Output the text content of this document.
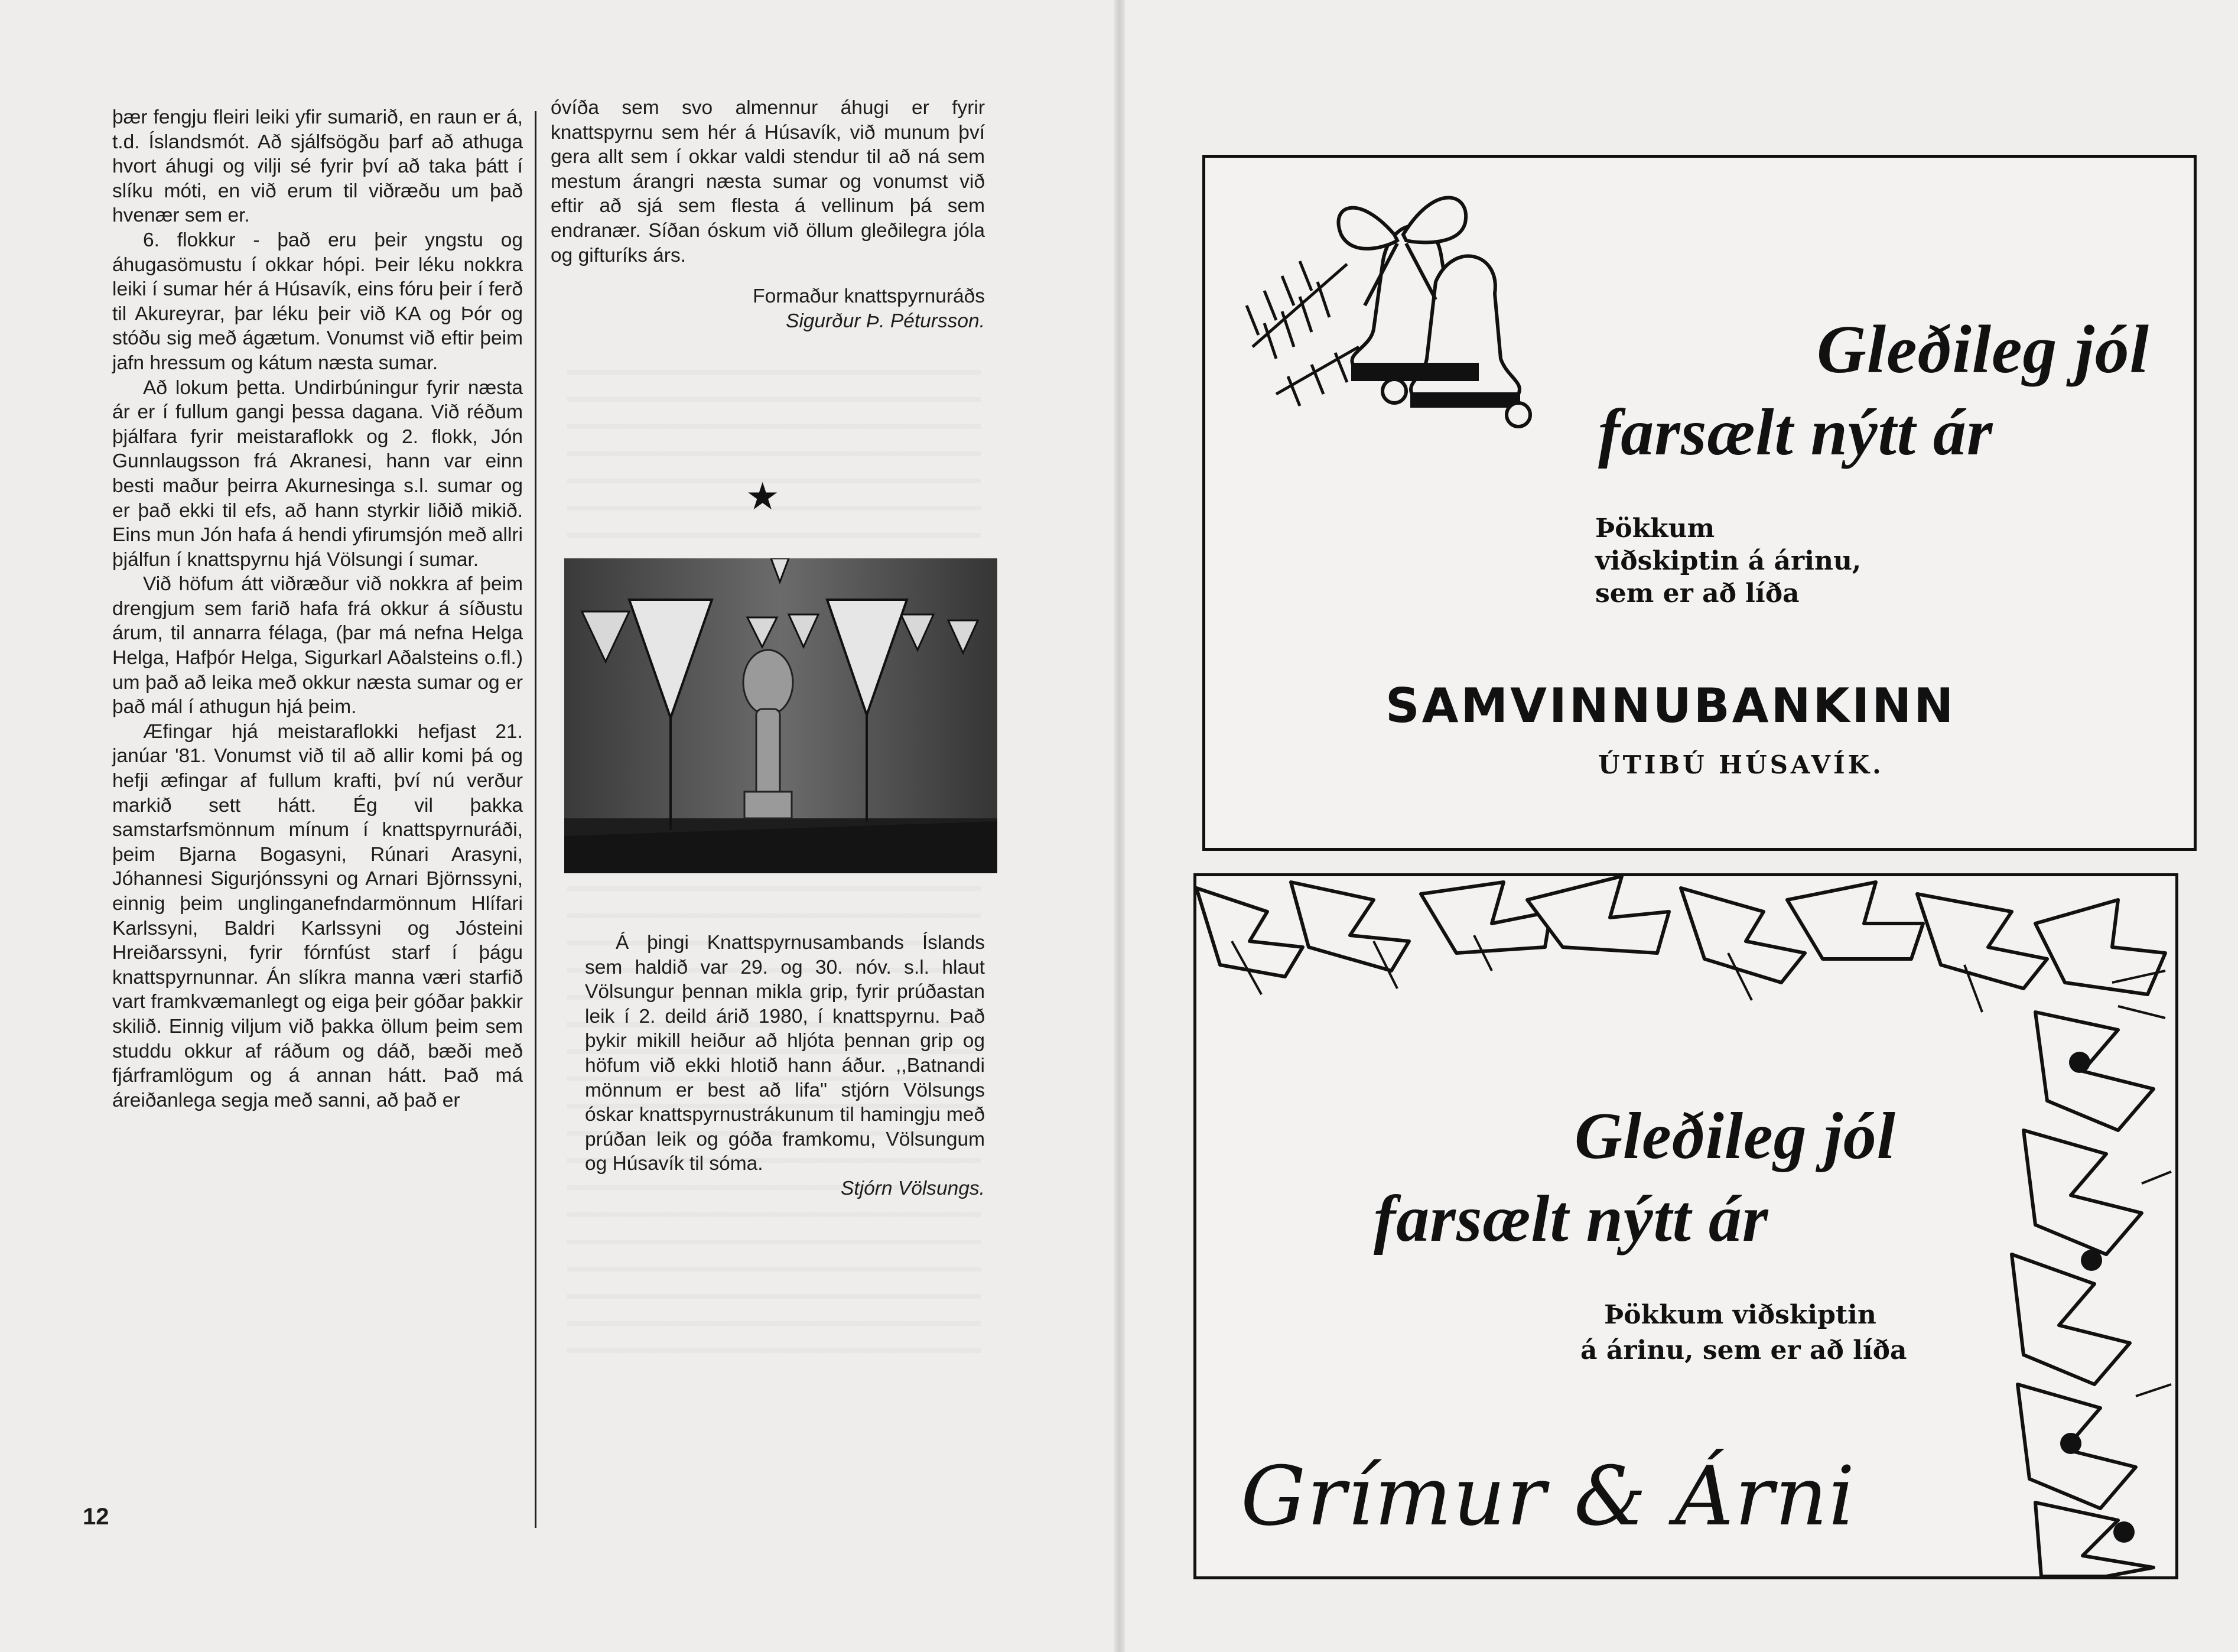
þær fengju fleiri leiki yfir sumarið, en raun er á, t.d. Íslandsmót. Að sjálfsögðu þarf að athuga hvort áhugi og vilji sé fyrir því að taka þátt í slíku móti, en við erum til viðræðu um það hvenær sem er.

6. flokkur - það eru þeir yngstu og áhugasömustu í okkar hópi. Þeir léku nokkra leiki í sumar hér á Húsavík, eins fóru þeir í ferð til Akureyrar, þar léku þeir við KA og Þór og stóðu sig með ágætum. Vonumst við eftir þeim jafn hressum og kátum næsta sumar.

Að lokum þetta. Undirbúningur fyrir næsta ár er í fullum gangi þessa dagana. Við réðum þjálfara fyrir meistaraflokk og 2. flokk, Jón Gunnlaugsson frá Akranesi, hann var einn besti maður þeirra Akurnesinga s.l. sumar og er það ekki til efs, að hann styrkir liðið mikið. Eins mun Jón hafa á hendi yfirumsjón með allri þjálfun í knattspyrnu hjá Völsungi í sumar.

Við höfum átt viðræður við nokkra af þeim drengjum sem farið hafa frá okkur á síðustu árum, til annarra félaga, (þar má nefna Helga Helga, Hafþór Helga, Sigurkarl Aðalsteins o.fl.) um það að leika með okkur næsta sumar og er það mál í athugun hjá þeim.

Æfingar hjá meistaraflokki hefjast 21. janúar '81. Vonumst við til að allir komi þá og hefji æfingar af fullum krafti, því nú verður markið sett hátt. Ég vil þakka samstarfsmönnum mínum í knattspyrnuráði, þeim Bjarna Bogasyni, Rúnari Arasyni, Jóhannesi Sigurjónssyni og Arnari Björnssyni, einnig þeim unglinganefndarmönnum Hlífari Karlssyni, Baldri Karlssyni og Jósteini Hreiðarssyni, fyrir fórnfúst starf í þágu knattspyrnunnar. Án slíkra manna væri starfið vart framkvæmanlegt og eiga þeir góðar þakkir skilið. Einnig viljum við þakka öllum þeim sem studdu okkur af ráðum og dáð, bæði með fjárframlögum og á annan hátt. Það má áreiðanlega segja með sanni, að það er

óvíða sem svo almennur áhugi er fyrir knattspyrnu sem hér á Húsavík, við munum því gera allt sem í okkar valdi stendur til að ná sem mestum árangri næsta sumar og vonumst við eftir að sjá sem flesta á vellinum þá sem endranær. Síðan óskum við öllum gleðilegra jóla og gifturíks árs.

Formaður knattspyrnuráðs
Sigurður Þ. Pétursson.
★

Á þingi Knattspyrnusambands Íslands sem haldið var 29. og 30. nóv. s.l. hlaut Völsungur þennan mikla grip, fyrir prúðastan leik í 2. deild árið 1980, í knattspyrnu. Það þykir mikill heiður að hljóta þennan grip og höfum við ekki hlotið hann áður. ,,Batnandi mönnum er best að lifa" stjórn Völsungs óskar knattspyrnustrákunum til hamingju með prúðan leik og góða framkomu, Völsungum og Húsavík til sóma.

Stjórn Völsungs.
12
Gleðileg jól
farsælt nýtt ár
Þökkum
viðskiptin á árinu,
sem er að líða
SAMVINNUBANKINN
ÚTIBÚ HÚSAVÍK.
Gleðileg jól
farsælt nýtt ár
Þökkum viðskiptin
á árinu, sem er að líða
Grímur & Árni
